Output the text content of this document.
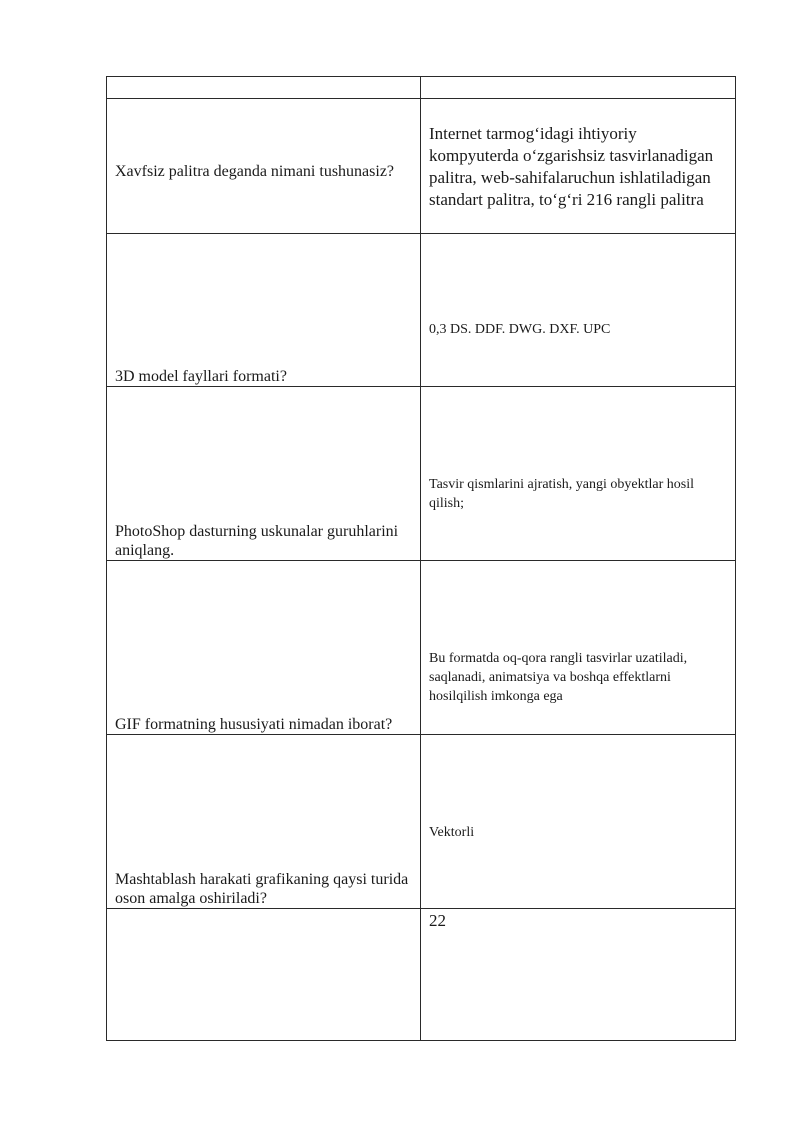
Xavfsiz palitra deganda nimani tushunasiz?	Internet tarmog‘idagi ihtiyoriy kompyuterda o‘zgarishsiz tasvirlanadigan palitra, web-sahifalaruchun ishlatiladigan standart palitra, to‘g‘ri 216 rangli palitra
3D model fayllari formati?	0,3 DS. DDF. DWG. DXF. UPC
PhotoShop dasturning uskunalar guruhlarini aniqlang.	Tasvir qismlarini ajratish, yangi obyektlar hosil qilish;
GIF formatning hususiyati nimadan iborat?	Bu formatda oq-qora rangli tasvirlar uzatiladi, saqlanadi, animatsiya va boshqa effektlarni hosilqilish imkonga ega
Mashtablash harakati grafikaning qaysi turida oson amalga oshiriladi?	Vektorli
	22
